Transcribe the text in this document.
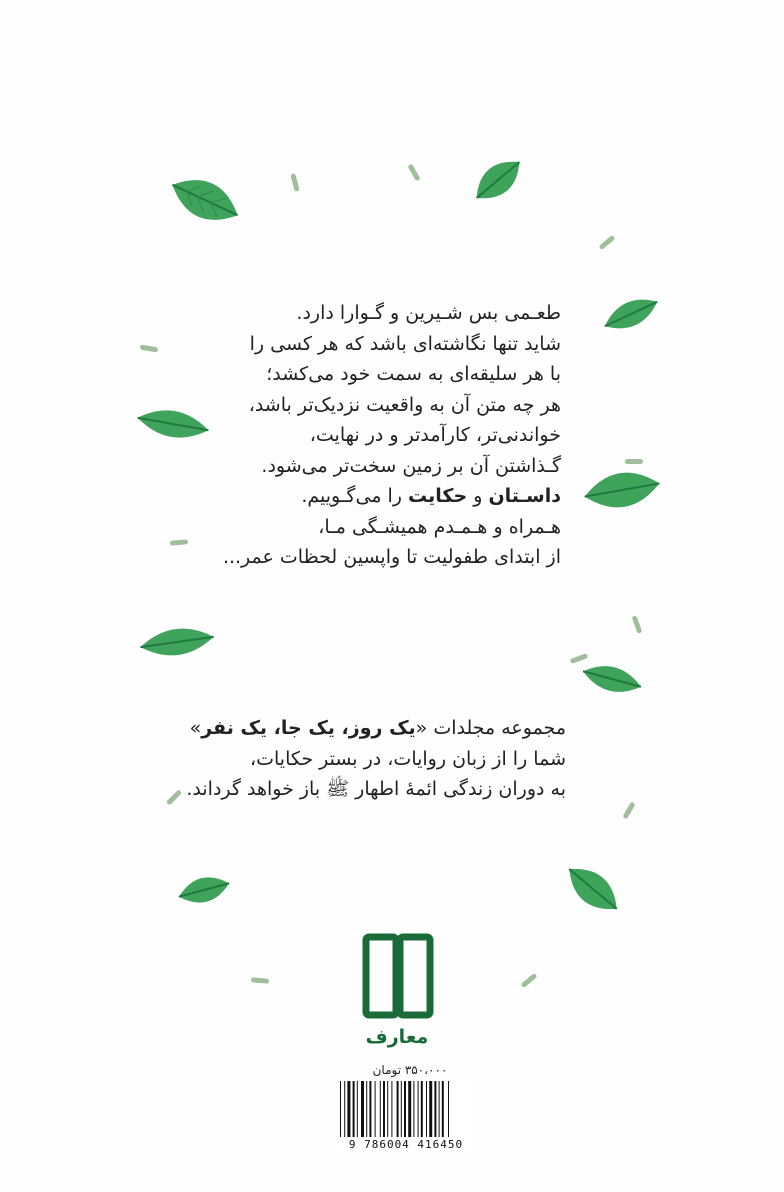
طعـمی بس شـیرین و گـوارا دارد.
شاید تنها نگاشته‌ای باشد که هر کسی را
با هر سلیقه‌ای به سمت خود می‌کشد؛
هر چه متن آن به واقعیت نزدیک‌تر باشد،
خواندنی‌تر، کارآمدتر و در نهایت،
گـذاشتن آن بر زمین سخت‌تر می‌شود.
داسـتان و حکایت را می‌گـوییم.
هـمراه و هـمـدم همیشـگی مـا،
از ابتدای طفولیت تا واپسین لحظات عمر...
مجموعه مجلدات «یک روز، یک جا، یک نفر»
شما را از زبان روایات، در بستر حکایات،
به دوران زندگی ائمهٔ اطهار ﷺ باز خواهد گرداند.
معارف
۳۵۰،۰۰۰ تومان
9 786004 416450
